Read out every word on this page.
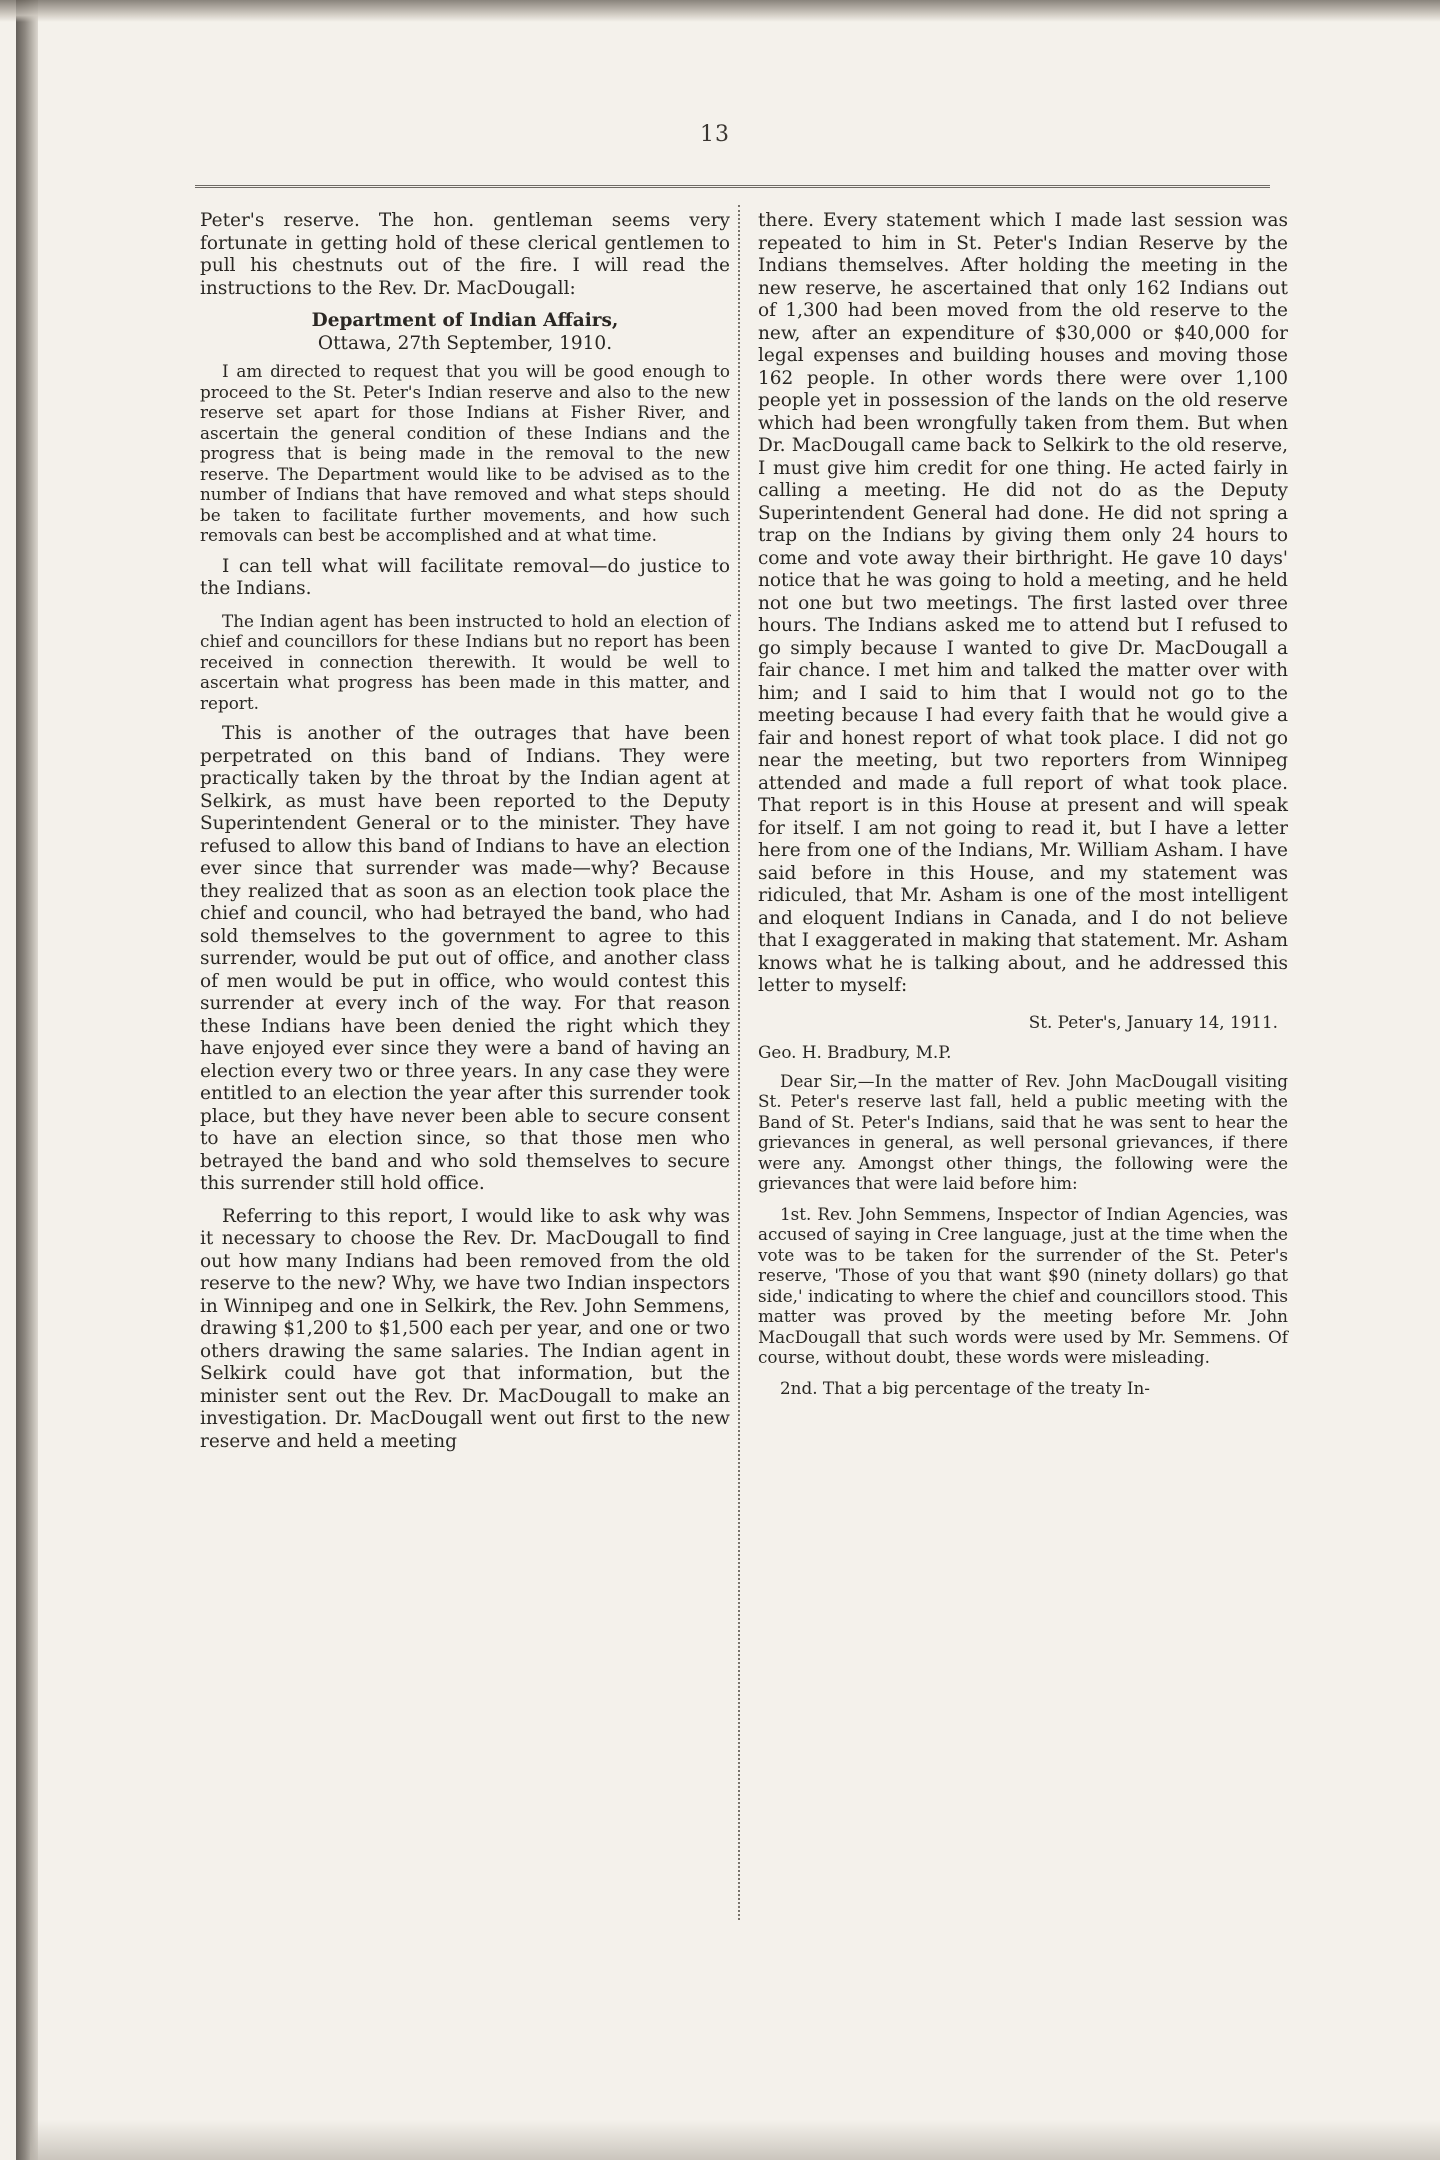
13

Peter's reserve. The hon. gentleman seems very fortunate in getting hold of these clerical gentlemen to pull his chestnuts out of the fire. I will read the instructions to the Rev. Dr. MacDougall:

Department of Indian Affairs,

Ottawa, 27th September, 1910.

I am directed to request that you will be good enough to proceed to the St. Peter's Indian reserve and also to the new reserve set apart for those Indians at Fisher River, and ascertain the general condition of these Indians and the progress that is being made in the removal to the new reserve. The Department would like to be advised as to the number of Indians that have removed and what steps should be taken to facilitate further movements, and how such removals can best be accomplished and at what time.

I can tell what will facilitate removal—do justice to the Indians.

The Indian agent has been instructed to hold an election of chief and councillors for these Indians but no report has been received in connection therewith. It would be well to ascertain what progress has been made in this matter, and report.

This is another of the outrages that have been perpetrated on this band of Indians. They were practically taken by the throat by the Indian agent at Selkirk, as must have been reported to the Deputy Superintendent General or to the minister. They have refused to allow this band of Indians to have an election ever since that surrender was made—why? Because they realized that as soon as an election took place the chief and council, who had betrayed the band, who had sold themselves to the government to agree to this surrender, would be put out of office, and another class of men would be put in office, who would contest this surrender at every inch of the way. For that reason these Indians have been denied the right which they have enjoyed ever since they were a band of having an election every two or three years. In any case they were entitled to an election the year after this surrender took place, but they have never been able to secure consent to have an election since, so that those men who betrayed the band and who sold themselves to secure this surrender still hold office.

Referring to this report, I would like to ask why was it necessary to choose the Rev. Dr. MacDougall to find out how many Indians had been removed from the old reserve to the new? Why, we have two Indian inspectors in Winnipeg and one in Selkirk, the Rev. John Semmens, drawing $1,200 to $1,500 each per year, and one or two others drawing the same salaries. The Indian agent in Selkirk could have got that information, but the minister sent out the Rev. Dr. MacDougall to make an investigation. Dr. MacDougall went out first to the new reserve and held a meeting

there. Every statement which I made last session was repeated to him in St. Peter's Indian Reserve by the Indians themselves. After holding the meeting in the new reserve, he ascertained that only 162 Indians out of 1,300 had been moved from the old reserve to the new, after an expenditure of $30,000 or $40,000 for legal expenses and building houses and moving those 162 people. In other words there were over 1,100 people yet in possession of the lands on the old reserve which had been wrongfully taken from them. But when Dr. MacDougall came back to Selkirk to the old reserve, I must give him credit for one thing. He acted fairly in calling a meeting. He did not do as the Deputy Superintendent General had done. He did not spring a trap on the Indians by giving them only 24 hours to come and vote away their birthright. He gave 10 days' notice that he was going to hold a meeting, and he held not one but two meetings. The first lasted over three hours. The Indians asked me to attend but I refused to go simply because I wanted to give Dr. MacDougall a fair chance. I met him and talked the matter over with him; and I said to him that I would not go to the meeting because I had every faith that he would give a fair and honest report of what took place. I did not go near the meeting, but two reporters from Winnipeg attended and made a full report of what took place. That report is in this House at present and will speak for itself. I am not going to read it, but I have a letter here from one of the Indians, Mr. William Asham. I have said before in this House, and my statement was ridiculed, that Mr. Asham is one of the most intelligent and eloquent Indians in Canada, and I do not believe that I exaggerated in making that statement. Mr. Asham knows what he is talking about, and he addressed this letter to myself:

St. Peter's, January 14, 1911.

Geo. H. Bradbury, M.P.

Dear Sir,—In the matter of Rev. John MacDougall visiting St. Peter's reserve last fall, held a public meeting with the Band of St. Peter's Indians, said that he was sent to hear the grievances in general, as well personal grievances, if there were any. Amongst other things, the following were the grievances that were laid before him:

1st. Rev. John Semmens, Inspector of Indian Agencies, was accused of saying in Cree language, just at the time when the vote was to be taken for the surrender of the St. Peter's reserve, 'Those of you that want $90 (ninety dollars) go that side,' indicating to where the chief and councillors stood. This matter was proved by the meeting before Mr. John MacDougall that such words were used by Mr. Semmens. Of course, without doubt, these words were misleading.

2nd. That a big percentage of the treaty In-
